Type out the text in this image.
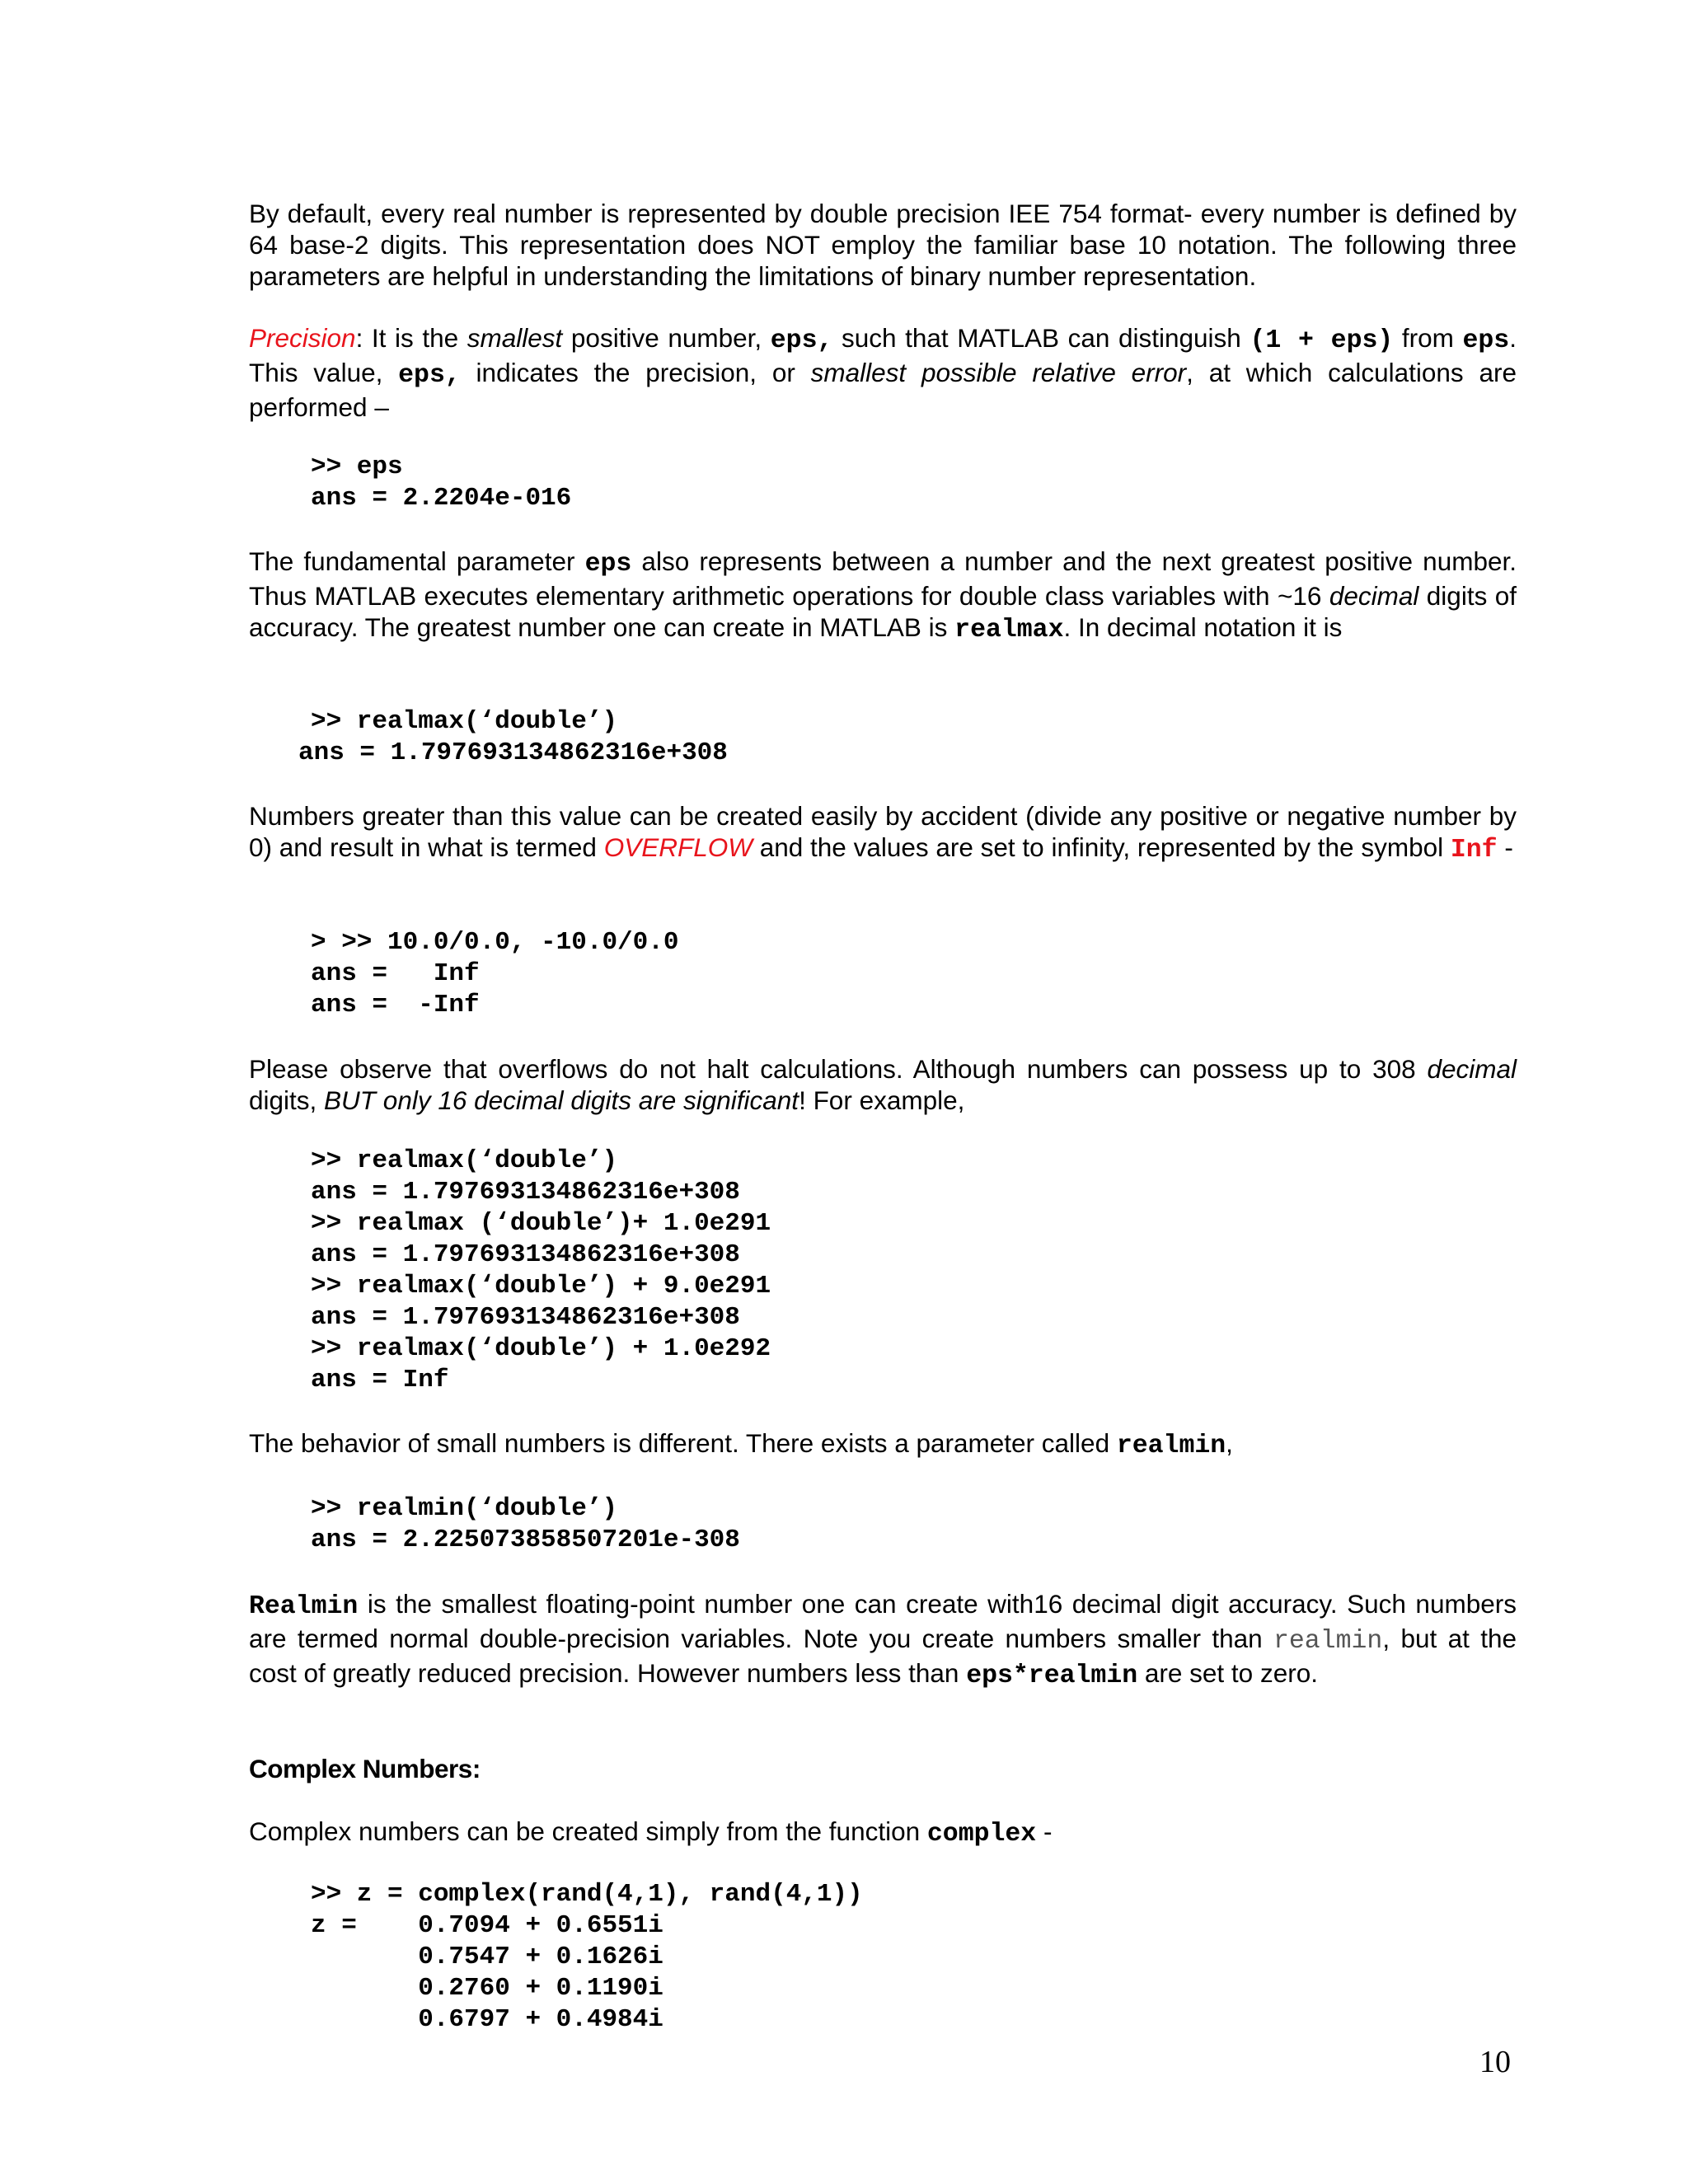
By default, every real number is represented by double precision IEE 754 format- every number is defined by 64 base-2 digits. This representation does NOT employ the familiar base 10 notation. The following three parameters are helpful in understanding the limitations of binary number representation.

Precision: It is the smallest positive number, eps, such that MATLAB can distinguish (1 + eps) from eps. This value, eps, indicates the precision, or smallest possible relative error, at which calculations are performed –

>> eps
ans = 2.2204e-016

The fundamental parameter eps also represents between a number and the next greatest positive number. Thus MATLAB executes elementary arithmetic operations for double class variables with ~16 decimal digits of accuracy. The greatest number one can create in MATLAB is realmax. In decimal notation it is

>> realmax(‘double’)
ans = 1.797693134862316e+308

Numbers greater than this value can be created easily by accident (divide any positive or negative number by 0) and result in what is termed OVERFLOW and the values are set to infinity, represented by the symbol Inf -

> >> 10.0/0.0, -10.0/0.0
ans =   Inf
ans =  -Inf

Please observe that overflows do not halt calculations. Although numbers can possess up to 308 decimal digits, BUT only 16 decimal digits are significant! For example,

>> realmax(‘double’)
ans = 1.797693134862316e+308
>> realmax (‘double’)+ 1.0e291
ans = 1.797693134862316e+308
>> realmax(‘double’) + 9.0e291
ans = 1.797693134862316e+308
>> realmax(‘double’) + 1.0e292
ans = Inf

The behavior of small numbers is different. There exists a parameter called realmin,

>> realmin(‘double’)
ans = 2.225073858507201e-308

Realmin is the smallest floating-point number one can create with16 decimal digit accuracy. Such numbers are termed normal double-precision variables. Note you create numbers smaller than realmin, but at the cost of greatly reduced precision. However numbers less than eps*realmin are set to zero.

Complex Numbers:

Complex numbers can be created simply from the function complex -

>> z = complex(rand(4,1), rand(4,1))
z =    0.7094 + 0.6551i
0.7547 + 0.1626i
0.2760 + 0.1190i
0.6797 + 0.4984i
10
